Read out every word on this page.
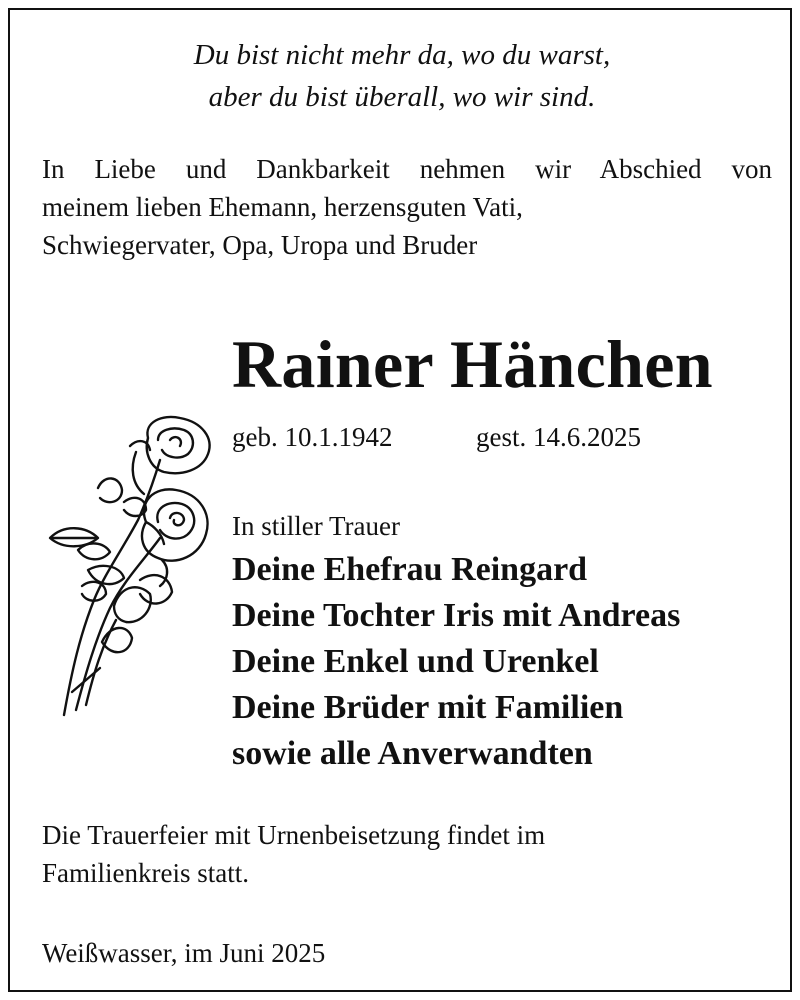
Du bist nicht mehr da, wo du warst,
aber du bist überall, wo wir sind.
In Liebe und Dankbarkeit nehmen wir Abschied von
meinem lieben Ehemann, herzensguten Vati,
Schwiegervater, Opa, Uropa und Bruder
Rainer Hänchen
geb. 10.1.1942	gest. 14.6.2025
In stiller Trauer
Deine Ehefrau Reingard
Deine Tochter Iris mit Andreas
Deine Enkel und Urenkel
Deine Brüder mit Familien
sowie alle Anverwandten
Die Trauerfeier mit Urnenbeisetzung findet im
Familienkreis statt.
Weißwasser, im Juni 2025
